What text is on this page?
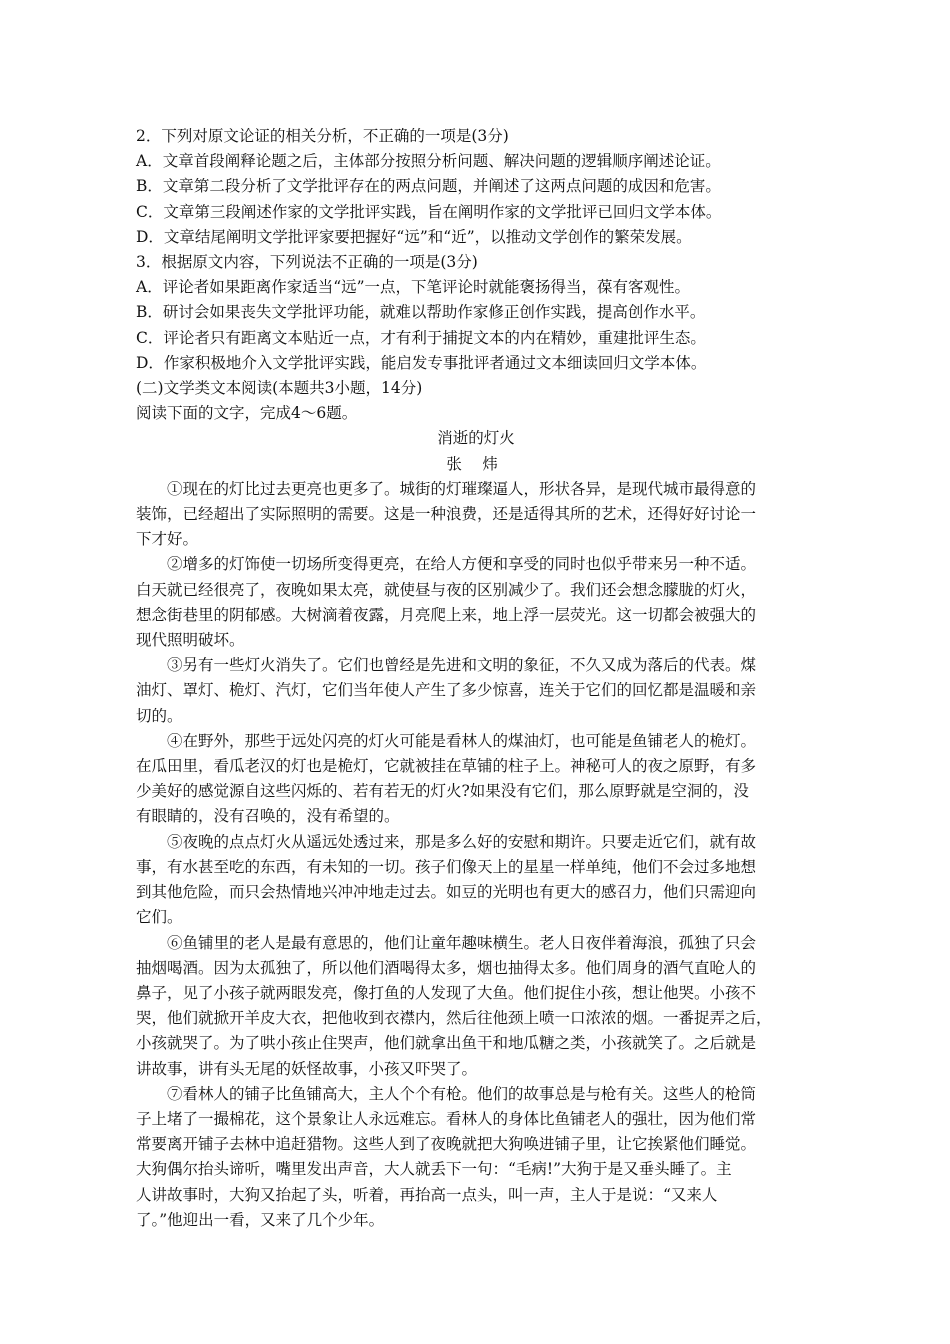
2．下列对原文论证的相关分析，不正确的一项是(3分)
A．文章首段阐释论题之后，主体部分按照分析问题、解决问题的逻辑顺序阐述论证。
B．文章第二段分析了文学批评存在的两点问题，并阐述了这两点问题的成因和危害。
C．文章第三段阐述作家的文学批评实践，旨在阐明作家的文学批评已回归文学本体。
D．文章结尾阐明文学批评家要把握好“远”和“近”，以推动文学创作的繁荣发展。
3．根据原文内容，下列说法不正确的一项是(3分)
A．评论者如果距离作家适当“远”一点，下笔评论时就能褒扬得当，葆有客观性。
B．研讨会如果丧失文学批评功能，就难以帮助作家修正创作实践，提高创作水平。
C．评论者只有距离文本贴近一点，才有利于捕捉文本的内在精妙，重建批评生态。
D．作家积极地介入文学批评实践，能启发专事批评者通过文本细读回归文学本体。
(二)文学类文本阅读(本题共3小题，14分)
阅读下面的文字，完成4～6题。
消逝的灯火
张 炜
①现在的灯比过去更亮也更多了。城街的灯璀璨逼人，形状各异，是现代城市最得意的
装饰，已经超出了实际照明的需要。这是一种浪费，还是适得其所的艺术，还得好好讨论一
下才好。
②增多的灯饰使一切场所变得更亮，在给人方便和享受的同时也似乎带来另一种不适。
白天就已经很亮了，夜晚如果太亮，就使昼与夜的区别减少了。我们还会想念朦胧的灯火，
想念街巷里的阴郁感。大树滴着夜露，月亮爬上来，地上浮一层荧光。这一切都会被强大的
现代照明破坏。
③另有一些灯火消失了。它们也曾经是先进和文明的象征，不久又成为落后的代表。煤
油灯、罩灯、桅灯、汽灯，它们当年使人产生了多少惊喜，连关于它们的回忆都是温暖和亲
切的。
④在野外，那些于远处闪亮的灯火可能是看林人的煤油灯，也可能是鱼铺老人的桅灯。
在瓜田里，看瓜老汉的灯也是桅灯，它就被挂在草铺的柱子上。神秘可人的夜之原野，有多
少美好的感觉源自这些闪烁的、若有若无的灯火?如果没有它们，那么原野就是空洞的，没
有眼睛的，没有召唤的，没有希望的。
⑤夜晚的点点灯火从遥远处透过来，那是多么好的安慰和期许。只要走近它们，就有故
事，有水甚至吃的东西，有未知的一切。孩子们像天上的星星一样单纯，他们不会过多地想
到其他危险，而只会热情地兴冲冲地走过去。如豆的光明也有更大的感召力，他们只需迎向
它们。
⑥鱼铺里的老人是最有意思的，他们让童年趣味横生。老人日夜伴着海浪，孤独了只会
抽烟喝酒。因为太孤独了，所以他们酒喝得太多，烟也抽得太多。他们周身的酒气直呛人的
鼻子，见了小孩子就两眼发亮，像打鱼的人发现了大鱼。他们捉住小孩，想让他哭。小孩不
哭，他们就掀开羊皮大衣，把他收到衣襟内，然后往他颈上喷一口浓浓的烟。一番捉弄之后，
小孩就哭了。为了哄小孩止住哭声，他们就拿出鱼干和地瓜糖之类，小孩就笑了。之后就是
讲故事，讲有头无尾的妖怪故事，小孩又吓哭了。
⑦看林人的铺子比鱼铺高大，主人个个有枪。他们的故事总是与枪有关。这些人的枪筒
子上堵了一撮棉花，这个景象让人永远难忘。看林人的身体比鱼铺老人的强壮，因为他们常
常要离开铺子去林中追赶猎物。这些人到了夜晚就把大狗唤进铺子里，让它挨紧他们睡觉。
大狗偶尔抬头谛听，嘴里发出声音，大人就丢下一句：“毛病!”大狗于是又垂头睡了。主
人讲故事时，大狗又抬起了头，听着，再抬高一点头，叫一声，主人于是说：“又来人
了。”他迎出一看，又来了几个少年。
